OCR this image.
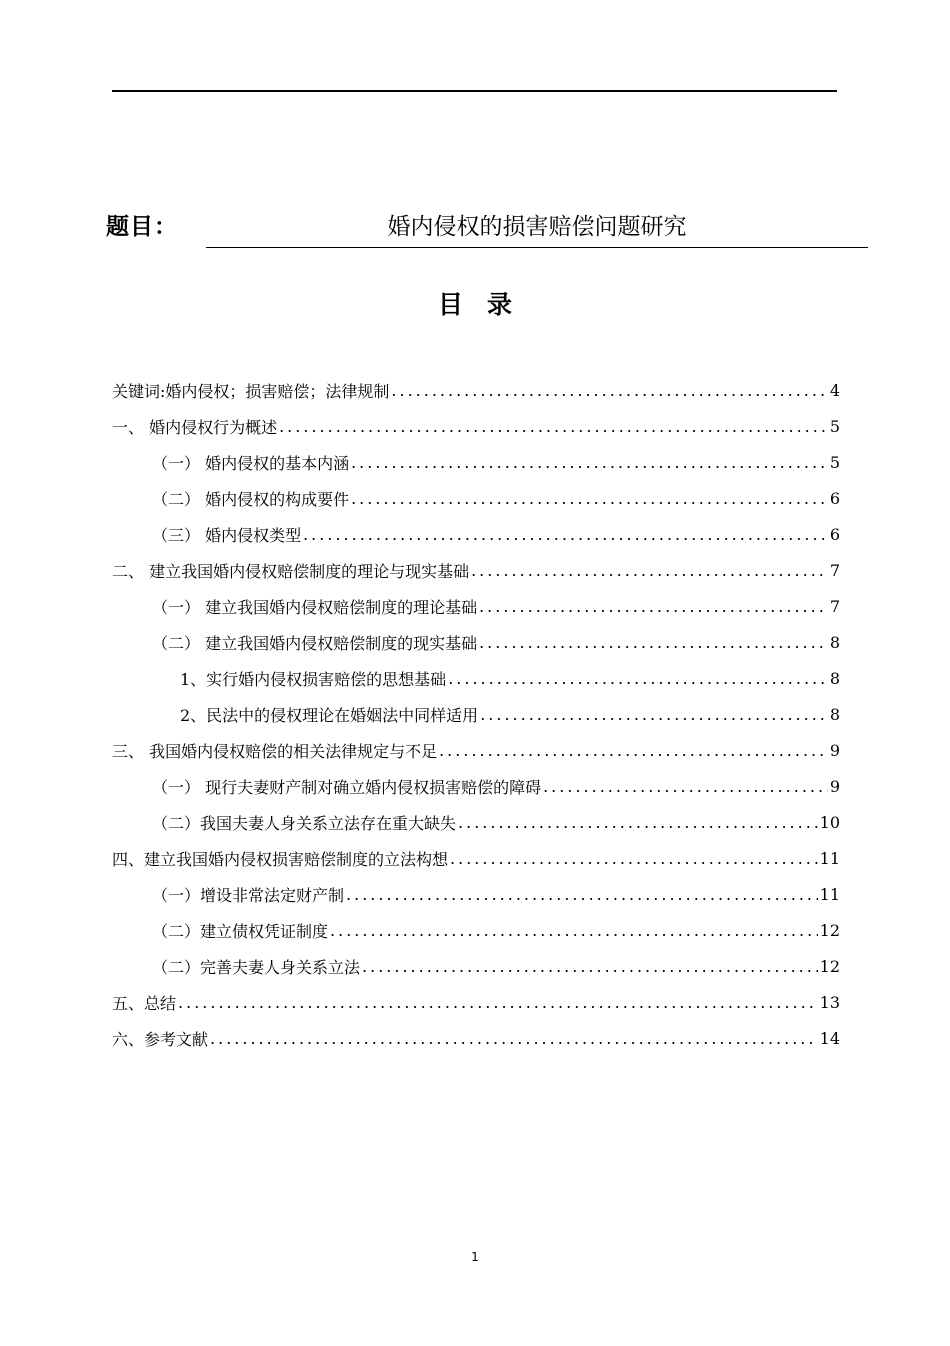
题目：	婚内侵权的损害赔偿问题研究
目录
关键词:婚内侵权；损害赔偿；法律规制 .....	4
一、 婚内侵权行为概述 .....	5
（一） 婚内侵权的基本内涵 .....	5
（二） 婚内侵权的构成要件 .....	6
（三） 婚内侵权类型 .....	6
二、 建立我国婚内侵权赔偿制度的理论与现实基础 .....	7
（一） 建立我国婚内侵权赔偿制度的理论基础 .....	7
（二） 建立我国婚内侵权赔偿制度的现实基础 .....	8
1、实行婚内侵权损害赔偿的思想基础 .....	8
2、民法中的侵权理论在婚姻法中同样适用 .....	8
三、 我国婚内侵权赔偿的相关法律规定与不足 .....	9
（一） 现行夫妻财产制对确立婚内侵权损害赔偿的障碍 .....	9
（二）我国夫妻人身关系立法存在重大缺失 .....	10
四、建立我国婚内侵权损害赔偿制度的立法构想 .....	11
（一）增设非常法定财产制 .....	11
（二）建立债权凭证制度 .....	12
（二）完善夫妻人身关系立法 .....	12
五、总结 .....	13
六、参考文献 .....	14
1
